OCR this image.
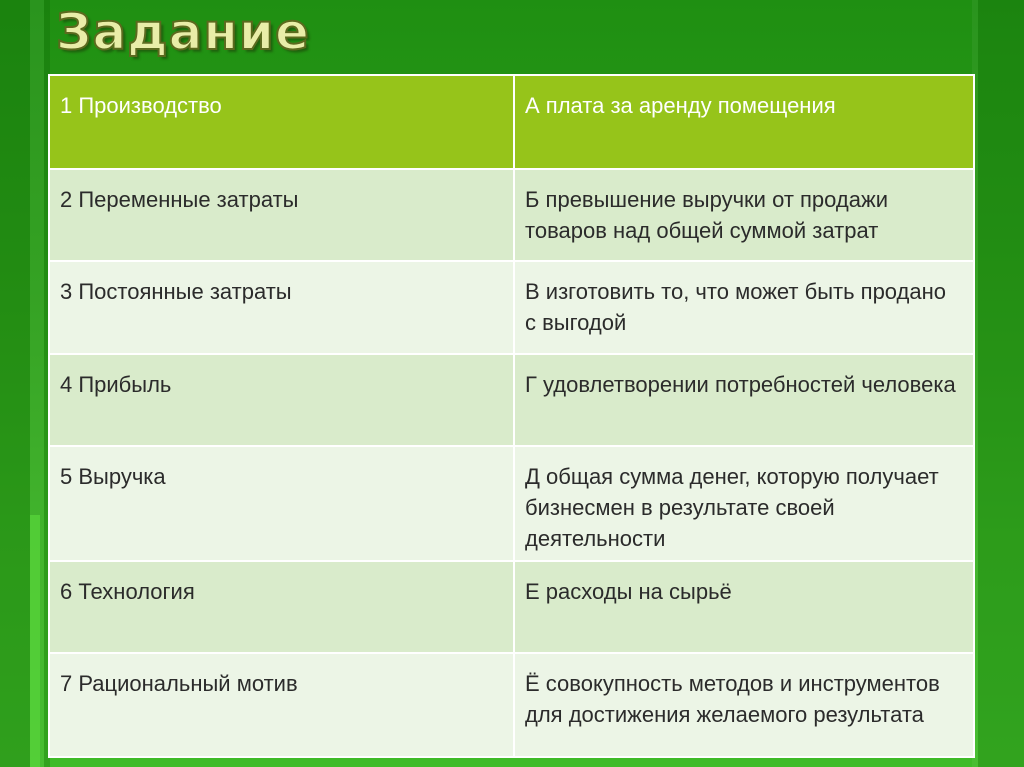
Задание
1 Производство	А плата за аренду помещения
2 Переменные затраты	Б превышение выручки от продажи товаров над общей суммой затрат
3 Постоянные затраты	В изготовить то, что может быть продано с выгодой
4 Прибыль	Г удовлетворении потребностей человека
5 Выручка	Д общая сумма денег, которую получает бизнесмен в результате своей деятельности
6 Технология	Е расходы на сырьё
7 Рациональный мотив	Ё совокупность методов и инструментов для достижения желаемого результата
